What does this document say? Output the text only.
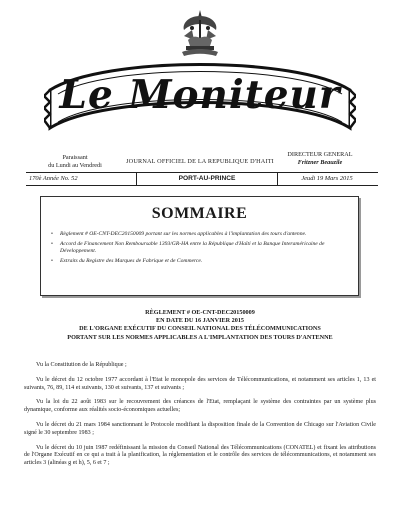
Le Moniteur
Paraissant
du Lundi au Vendredi
JOURNAL OFFICIEL DE LA REPUBLIQUE D'HAITI
DIRECTEUR GENERAL
Fritzner Beauzile
170è Année No. 52	PORT-AU-PRINCE	Jeudi 19 Mars 2015
SOMMAIRE
• Règlement # OE-CNT-DEC20150009 portant sur les normes applicables à l'implantation des tours d'antenne.
• Accord de Financement Non Remboursable 1393/GR-HA entre la République d'Haïti et la Banque Interaméricaine de Développement.
• Extraits du Registre des Marques de Fabrique et de Commerce.
RÈGLEMENT # OE-CNT-DEC20150009
EN DATE DU 16 JANVIER 2015
DE L'ORGANE EXÉCUTIF DU CONSEIL NATIONAL DES TÉLÉCOMMUNICATIONS
PORTANT SUR LES NORMES APPLICABLES A L'IMPLANTATION DES TOURS D'ANTENNE

Vu la Constitution de la République ;

Vu le décret du 12 octobre 1977 accordant à l'Etat le monopole des services de Télécommunications, et notamment ses articles 1, 13 et suivants, 76, 89, 114 et suivants, 130 et suivants, 137 et suivants ;

Vu la loi du 22 août 1983 sur le recouvrement des créances de l'Etat, remplaçant le système des contraintes par un système plus dynamique, conforme aux réalités socio-économiques actuelles;

Vu le décret du 21 mars 1984 sanctionnant le Protocole modifiant la disposition finale de la Convention de Chicago sur l'Aviation Civile signé le 30 septembre 1983 ;

Vu le décret du 10 juin 1987 redéfinissant la mission du Conseil National des Télécommunications (CONATEL) et fixant les attributions de l'Organe Exécutif en ce qui a trait à la planification, la réglementation et le contrôle des services de télécommunications, et notamment ses articles 3 (alinéas g et h), 5, 6 et 7 ;
